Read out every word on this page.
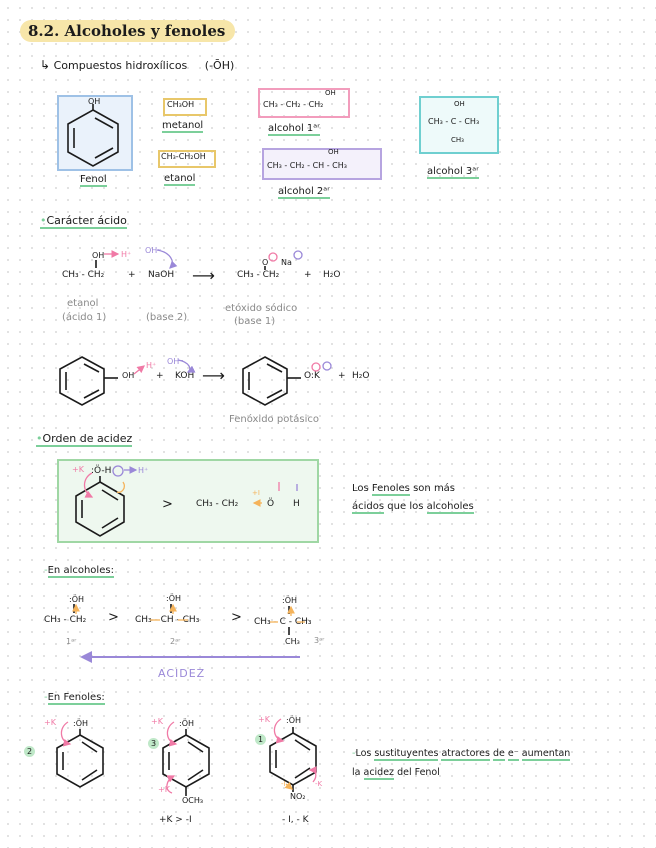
8.2. Alcoholes y fenoles
↳ Compuestos hidroxílicos (-ŌH)
OH
Fenol
CH₃OH
metanol
CH₃-CH₂OH
etanol
OH
CH₃ - CH₂ - CH₂
alcohol 1ᵃʳ
OH
CH₃ - CH₂ - CH - CH₃
alcohol 2ᵃʳ
OH
CH₃ - C - CH₃
CH₃
alcohol 3ᵃʳ
•Carácter ácido
OH H⁺ OH⁻
CH₃ - CH₂	+ NaOH ⟶
O Na
CH₃ - CH₂	+ H₂O
etanol
(ácido 1)	(base 2)
etóxido sódico
(base 1)
OH
H⁺ OH⁻
+ KOH ⟶	O:K + H₂O
Fenóxido potásico
•Orden de acidez
:Ö-H
+K	H⁺
>	CH₃ - CH₂	Ö H
+I	Los Fenoles son más
ácidos que los alcoholes
-En alcoholes:
:ÖH
CH₃ - CH₂
1ᵃʳ
>
:ÖH
CH₃ - CH - CH₃
2ᵃʳ
>
:ÖH
CH₃ - C - CH₃
CH₃ 3ᵃʳ
ACIDEZ
-En Fenoles:
2
:ÖH
+K
3
:ÖH
+K
+K
OCH₃
+K > -I
1
:ÖH
+K
NO₂
-I	-K
- I, - K
-Los sustituyentes atractores de e⁻ aumentan
la acidez del Fenol
